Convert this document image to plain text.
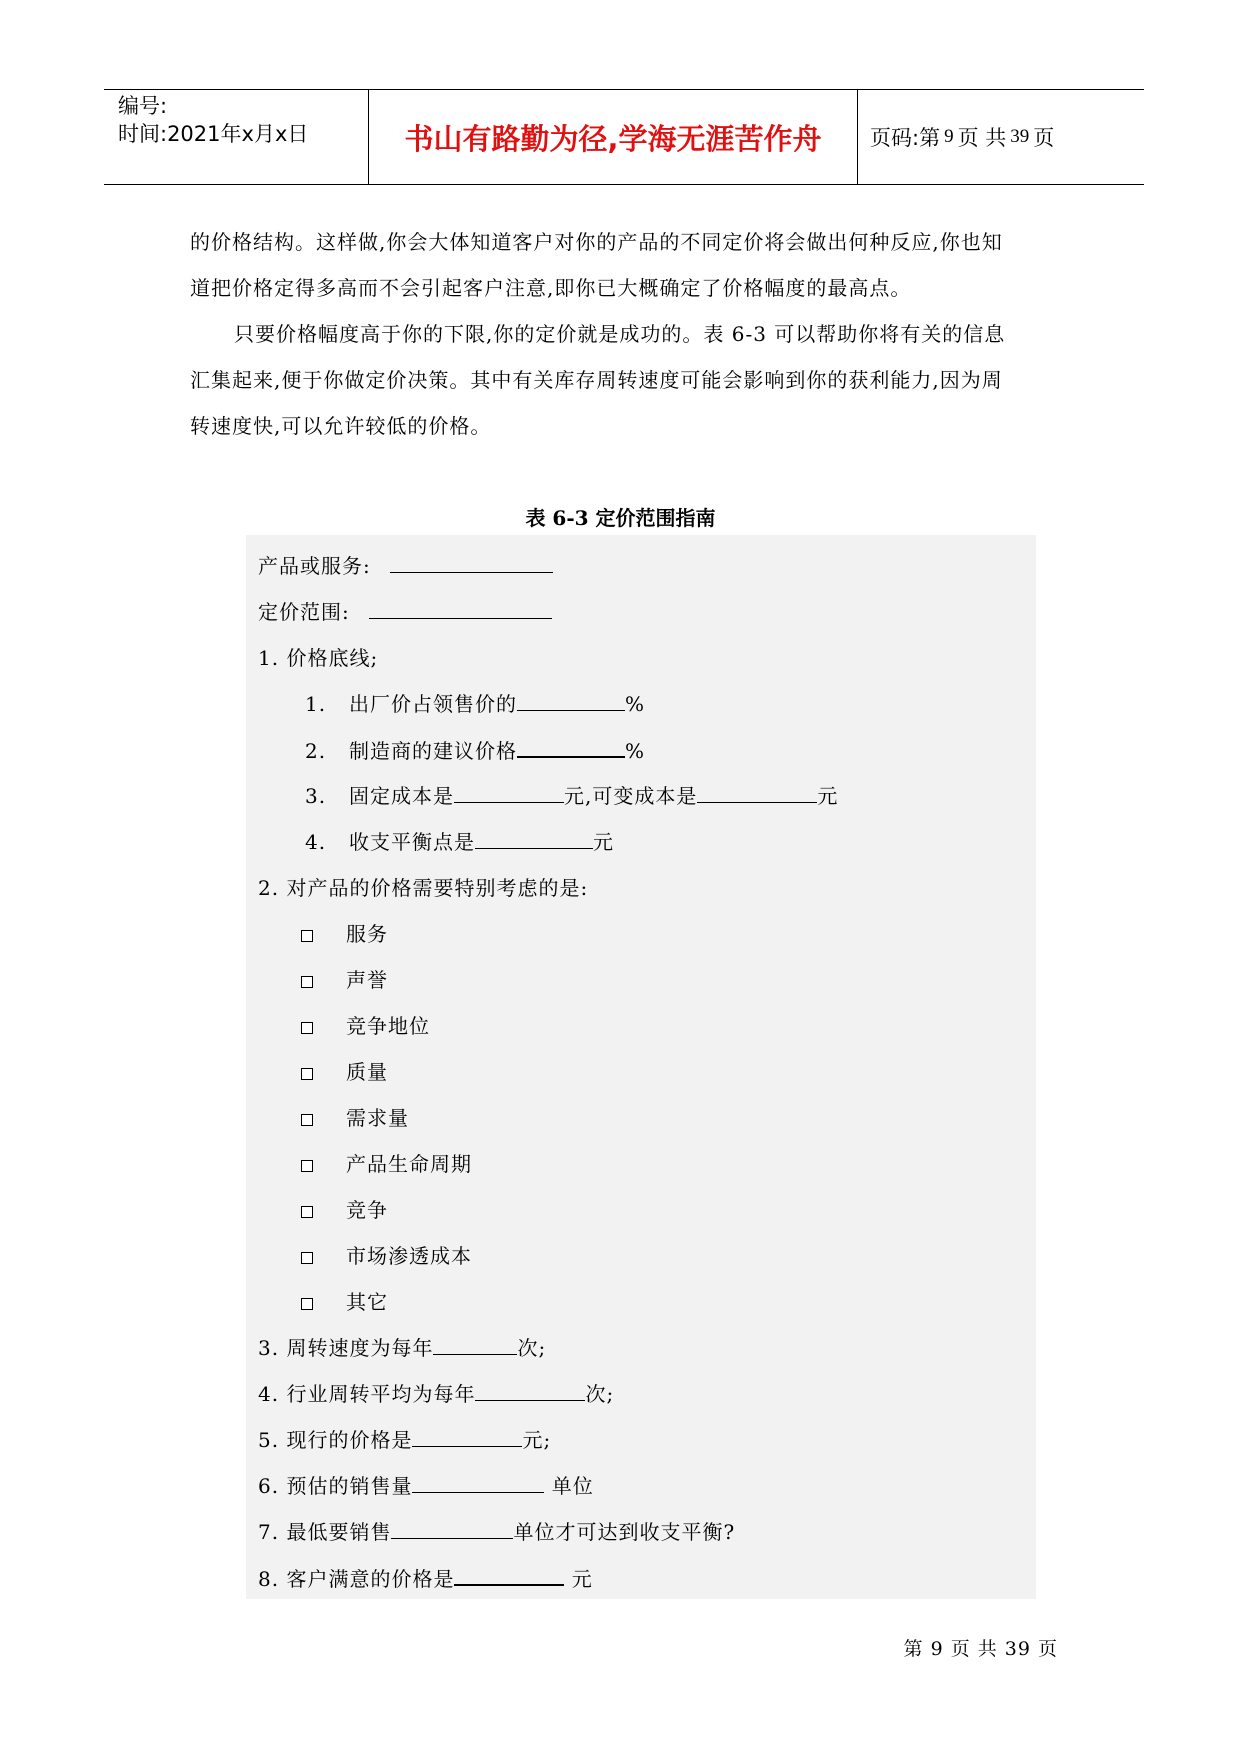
编号:
时间:2021年x月x日	书山有路勤为径,学海无涯苦作舟	页码:第 9 页 共 39 页
的价格结构。这样做,你会大体知道客户对你的产品的不同定价将会做出何种反应,你也知
道把价格定得多高而不会引起客户注意,即你已大概确定了价格幅度的最高点。
只要价格幅度高于你的下限,你的定价就是成功的。表 6-3 可以帮助你将有关的信息
汇集起来,便于你做定价决策。其中有关库存周转速度可能会影响到你的获利能力,因为周
转速度快,可以允许较低的价格。
表 6-3 定价范围指南
产品或服务:
定价范围:
1. 价格底线;
1. 出厂价占领售价的	%
2. 制造商的建议价格	%
3. 固定成本是	元,可变成本是	元
4. 收支平衡点是	元
2. 对产品的价格需要特别考虑的是:
服务
声誉
竞争地位
质量
需求量
产品生命周期
竞争
市场渗透成本
其它
3. 周转速度为每年	次;
4. 行业周转平均为每年	次;
5. 现行的价格是	元;
6. 预估的销售量	单位
7. 最低要销售	单位才可达到收支平衡?
8. 客户满意的价格是	元
第 9 页 共 39 页
